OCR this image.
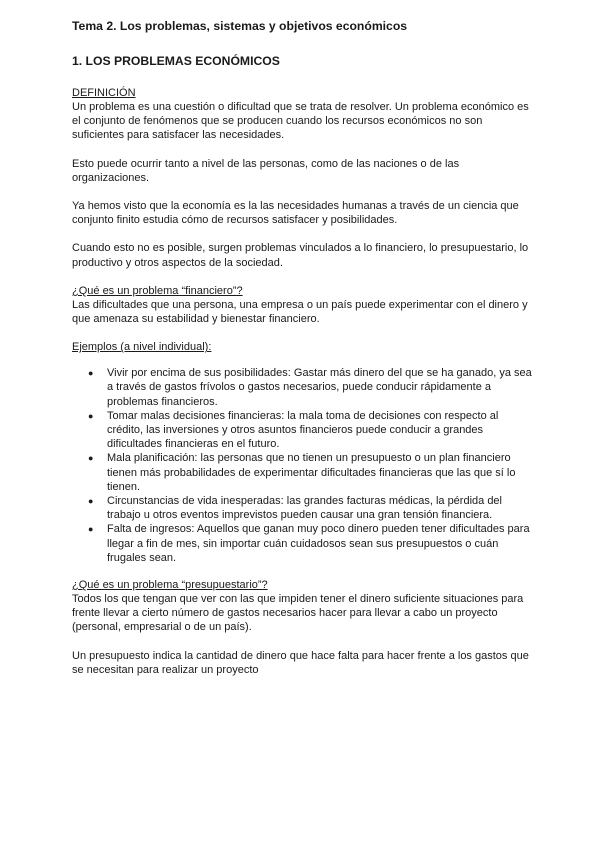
Tema 2. Los problemas, sistemas y objetivos económicos
1. LOS PROBLEMAS ECONÓMICOS

DEFINICIÓN

Un problema es una cuestión o dificultad que se trata de resolver. Un problema económico es el conjunto de fenómenos que se producen cuando los recursos económicos no son suficientes para satisfacer las necesidades.

Esto puede ocurrir tanto a nivel de las personas, como de las naciones o de las organizaciones.

Ya hemos visto que la economía es la las necesidades humanas a través de un ciencia que conjunto finito estudia cómo de recursos satisfacer y posibilidades.

Cuando esto no es posible, surgen problemas vinculados a lo financiero, lo presupuestario, lo productivo y otros aspectos de la sociedad.

¿Qué es un problema “financiero”?

Las dificultades que una persona, una empresa o un país puede experimentar con el dinero y que amenaza su estabilidad y bienestar financiero.

Ejemplos (a nivel individual):

● Vivir por encima de sus posibilidades: Gastar más dinero del que se ha ganado, ya sea a través de gastos frívolos o gastos necesarios, puede conducir rápidamente a problemas financieros.
● Tomar malas decisiones financieras: la mala toma de decisiones con respecto al crédito, las inversiones y otros asuntos financieros puede conducir a grandes dificultades financieras en el futuro.
● Mala planificación: las personas que no tienen un presupuesto o un plan financiero tienen más probabilidades de experimentar dificultades financieras que las que sí lo tienen.
● Circunstancias de vida inesperadas: las grandes facturas médicas, la pérdida del trabajo u otros eventos imprevistos pueden causar una gran tensión financiera.
● Falta de ingresos: Aquellos que ganan muy poco dinero pueden tener dificultades para llegar a fin de mes, sin importar cuán cuidadosos sean sus presupuestos o cuán frugales sean.

¿Qué es un problema “presupuestario”?

Todos los que tengan que ver con las que impiden tener el dinero suficiente situaciones para frente llevar a cierto número de gastos necesarios hacer para llevar a cabo un proyecto (personal, empresarial o de un país).

Un presupuesto indica la cantidad de dinero que hace falta para hacer frente a los gastos que se necesitan para realizar un proyecto
